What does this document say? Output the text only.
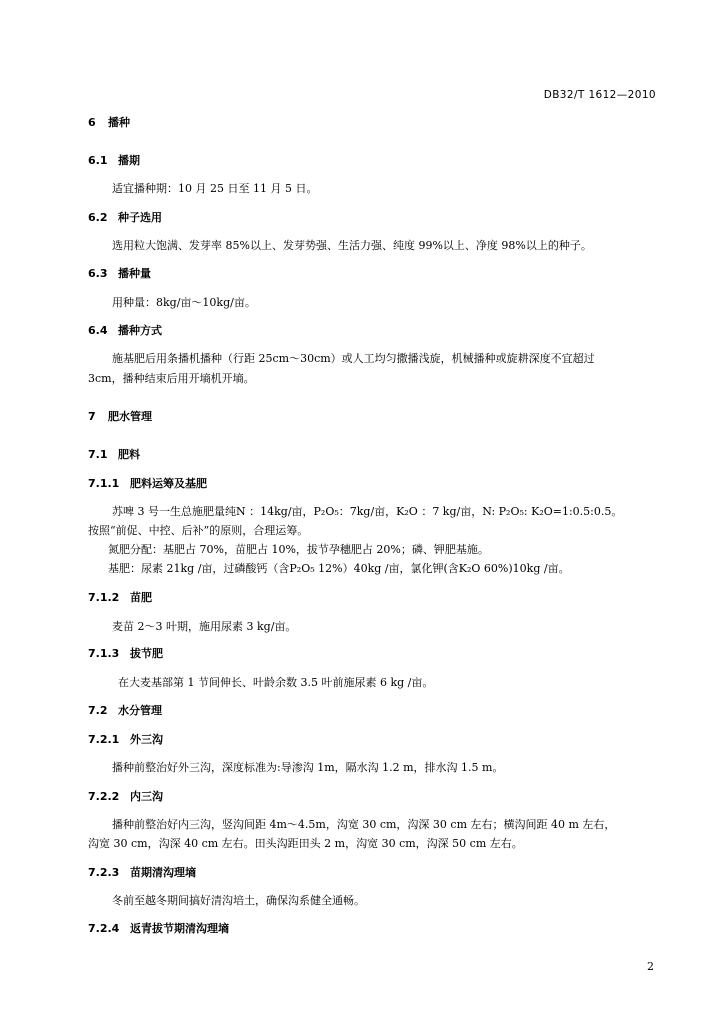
DB32/T 1612—2010
6 播种
6.1 播期
适宜播种期：10 月 25 日至 11 月 5 日。
6.2 种子选用
选用粒大饱满、发芽率 85%以上、发芽势强、生活力强、纯度 99%以上、净度 98%以上的种子。
6.3 播种量
用种量：8kg/亩～10kg/亩。
6.4 播种方式
施基肥后用条播机播种（行距 25cm～30cm）或人工均匀撒播浅旋，机械播种或旋耕深度不宜超过
3cm，播种结束后用开墒机开墒。
7 肥水管理
7.1 肥料
7.1.1 肥料运筹及基肥
苏啤 3 号一生总施肥量纯N ：14kg/亩，P₂O₅：7kg/亩，K₂O ：7 kg/亩，N: P₂O₅: K₂O=1:0.5:0.5。
按照“前促、中控、后补”的原则，合理运筹。
氮肥分配：基肥占 70%，苗肥占 10%，拔节孕穗肥占 20%；磷、钾肥基施。
基肥：尿素 21kg /亩，过磷酸钙（含P₂O₅ 12%）40kg /亩，氯化钾(含K₂O 60%)10kg /亩。
7.1.2 苗肥
麦苗 2～3 叶期，施用尿素 3 kg/亩。
7.1.3 拔节肥
在大麦基部第 1 节间伸长、叶龄余数 3.5 叶前施尿素 6 kg /亩。
7.2 水分管理
7.2.1 外三沟
播种前整治好外三沟，深度标准为:导渗沟 1m，隔水沟 1.2 m，排水沟 1.5 m。
7.2.2 内三沟
播种前整治好内三沟，竖沟间距 4m～4.5m，沟宽 30 cm，沟深 30 cm 左右；横沟间距 40 m 左右，
沟宽 30 cm，沟深 40 cm 左右。田头沟距田头 2 m，沟宽 30 cm，沟深 50 cm 左右。
7.2.3 苗期清沟理墒
冬前至越冬期间搞好清沟培土，确保沟系健全通畅。
7.2.4 返青拔节期清沟理墒
2
